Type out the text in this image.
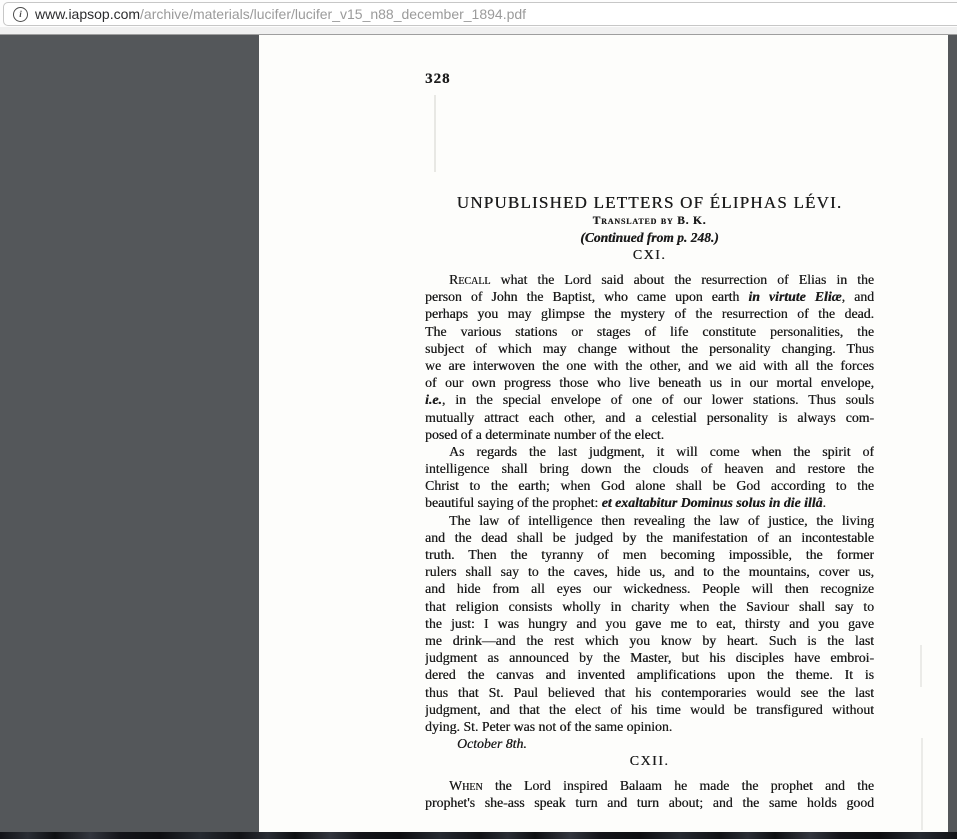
i www.iapsop.com /archive/materials/lucifer/lucifer_v15_n88_december_1894.pdf
328
UNPUBLISHED LETTERS OF ÉLIPHAS LÉVI.
Translated by B. K.
(Continued from p. 248.)
CXI.
Recall what the Lord said about the resurrection of Elias in the
person of John the Baptist, who came upon earth in virtute Eliæ, and
perhaps you may glimpse the mystery of the resurrection of the dead.
The various stations or stages of life constitute personalities, the
subject of which may change without the personality changing. Thus
we are interwoven the one with the other, and we aid with all the forces
of our own progress those who live beneath us in our mortal envelope,
i.e., in the special envelope of one of our lower stations. Thus souls
mutually attract each other, and a celestial personality is always com-
posed of a determinate number of the elect.
As regards the last judgment, it will come when the spirit of
intelligence shall bring down the clouds of heaven and restore the
Christ to the earth; when God alone shall be God according to the
beautiful saying of the prophet: et exaltabitur Dominus solus in die illâ.
The law of intelligence then revealing the law of justice, the living
and the dead shall be judged by the manifestation of an incontestable
truth. Then the tyranny of men becoming impossible, the former
rulers shall say to the caves, hide us, and to the mountains, cover us,
and hide from all eyes our wickedness. People will then recognize
that religion consists wholly in charity when the Saviour shall say to
the just: I was hungry and you gave me to eat, thirsty and you gave
me drink—and the rest which you know by heart. Such is the last
judgment as announced by the Master, but his disciples have embroi-
dered the canvas and invented amplifications upon the theme. It is
thus that St. Paul believed that his contemporaries would see the last
judgment, and that the elect of his time would be transfigured without
dying. St. Peter was not of the same opinion.
October 8th.
CXII.
When the Lord inspired Balaam he made the prophet and the
prophet's she-ass speak turn and turn about; and the same holds good
